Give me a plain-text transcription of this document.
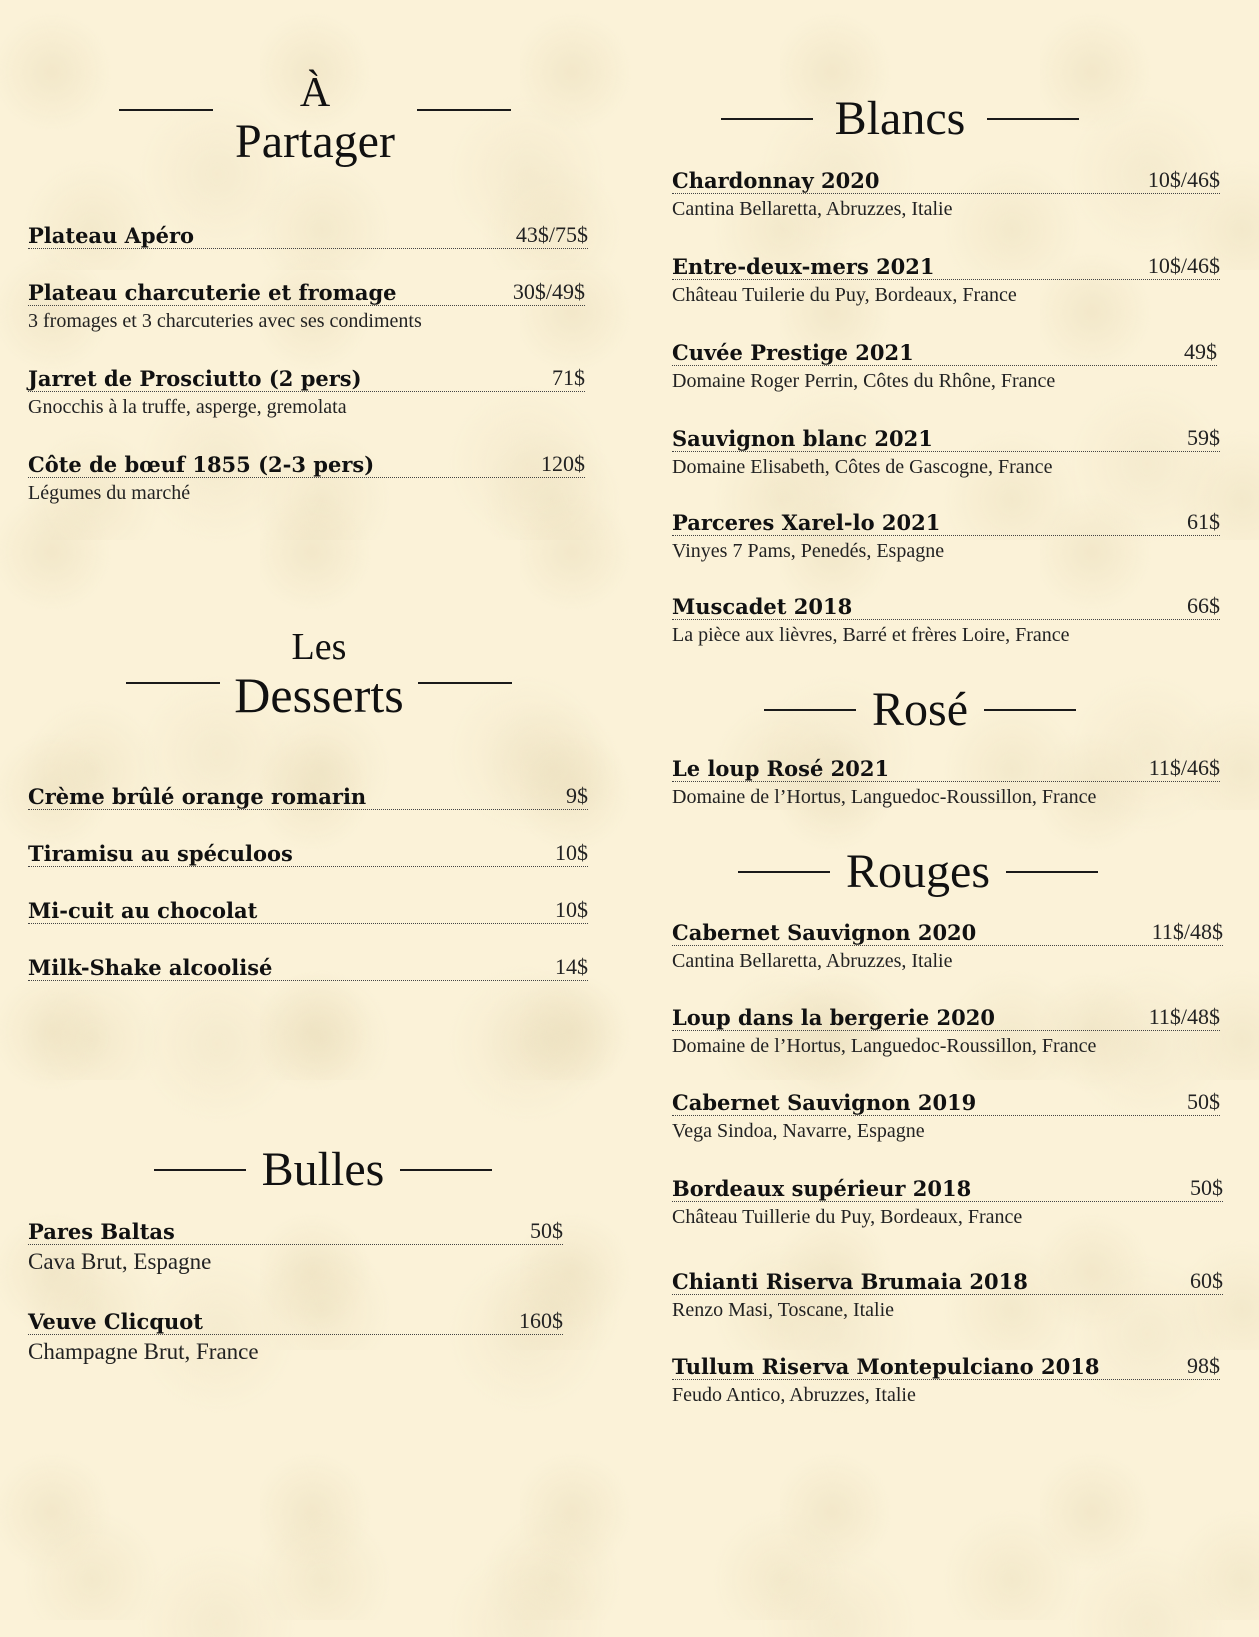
À
Partager
Plateau Apéro	43$/75$
Plateau charcuterie et fromage	30$/49$
3 fromages et 3 charcuteries avec ses condiments
Jarret de Prosciutto (2 pers)	71$
Gnocchis à la truffe, asperge, gremolata
Côte de bœuf 1855 (2-3 pers)	120$
Légumes du marché
Les
Desserts
Crème brûlé orange romarin	9$
Tiramisu au spéculoos	10$
Mi-cuit au chocolat	10$
Milk-Shake alcoolisé	14$
Bulles
Pares Baltas	50$
Cava Brut, Espagne
Veuve Clicquot	160$
Champagne Brut, France
Blancs
Chardonnay 2020	10$/46$
Cantina Bellaretta, Abruzzes, Italie
Entre-deux-mers 2021	10$/46$
Château Tuilerie du Puy, Bordeaux, France
Cuvée Prestige 2021	49$
Domaine Roger Perrin, Côtes du Rhône, France
Sauvignon blanc 2021	59$
Domaine Elisabeth, Côtes de Gascogne, France
Parceres Xarel-lo 2021	61$
Vinyes 7 Pams, Penedés, Espagne
Muscadet 2018	66$
La pièce aux lièvres, Barré et frères Loire, France
Rosé
Le loup Rosé 2021	11$/46$
Domaine de l’Hortus, Languedoc-Roussillon, France
Rouges
Cabernet Sauvignon 2020	11$/48$
Cantina Bellaretta, Abruzzes, Italie
Loup dans la bergerie 2020	11$/48$
Domaine de l’Hortus, Languedoc-Roussillon, France
Cabernet Sauvignon 2019	50$
Vega Sindoa, Navarre, Espagne
Bordeaux supérieur 2018	50$
Château Tuillerie du Puy, Bordeaux, France
Chianti Riserva Brumaia 2018	60$
Renzo Masi, Toscane, Italie
Tullum Riserva Montepulciano 2018	98$
Feudo Antico, Abruzzes, Italie
